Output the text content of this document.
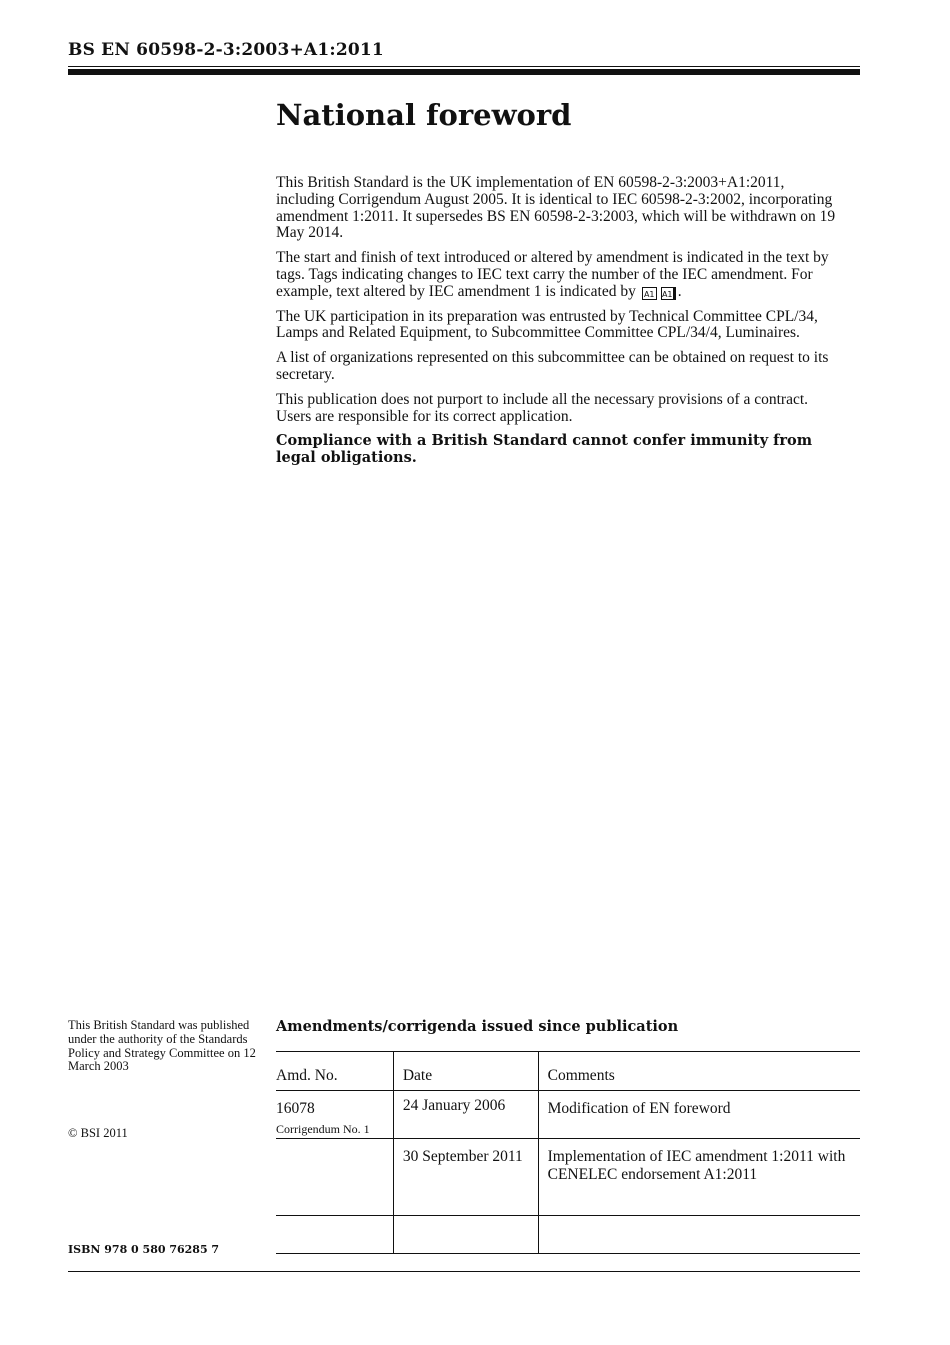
BS EN 60598-2-3:2003+A1:2011
National foreword

This British Standard is the UK implementation of EN 60598-2-3:2003+A1:2011, including Corrigendum August 2005. It is identical to IEC 60598-2-3:2002, incorporating amendment 1:2011. It supersedes BS EN 60598-2-3:2003, which will be withdrawn on 19 May 2014.

The start and finish of text introduced or altered by amendment is indicated in the text by tags. Tags indicating changes to IEC text carry the number of the IEC amendment. For example, text altered by IEC amendment 1 is indicated by A1 A1 .

The UK participation in its preparation was entrusted by Technical Committee CPL/34, Lamps and Related Equipment, to Subcommittee Committee CPL/34/4, Luminaires.

A list of organizations represented on this subcommittee can be obtained on request to its secretary.

This publication does not purport to include all the necessary provisions of a contract. Users are responsible for its correct application.

Compliance with a British Standard cannot confer immunity from legal obligations.

This British Standard was published under the authority of the Standards Policy and Strategy Committee on 12 March 2003
© BSI 2011
ISBN 978 0 580 76285 7
Amendments/corrigenda issued since publication
Amd. No.	Date	Comments

16078
Corrigendum No. 1	24 January 2006	Modification of EN foreword

	30 September 2011	Implementation of IEC amendment 1:2011 with CENELEC endorsement A1:2011
